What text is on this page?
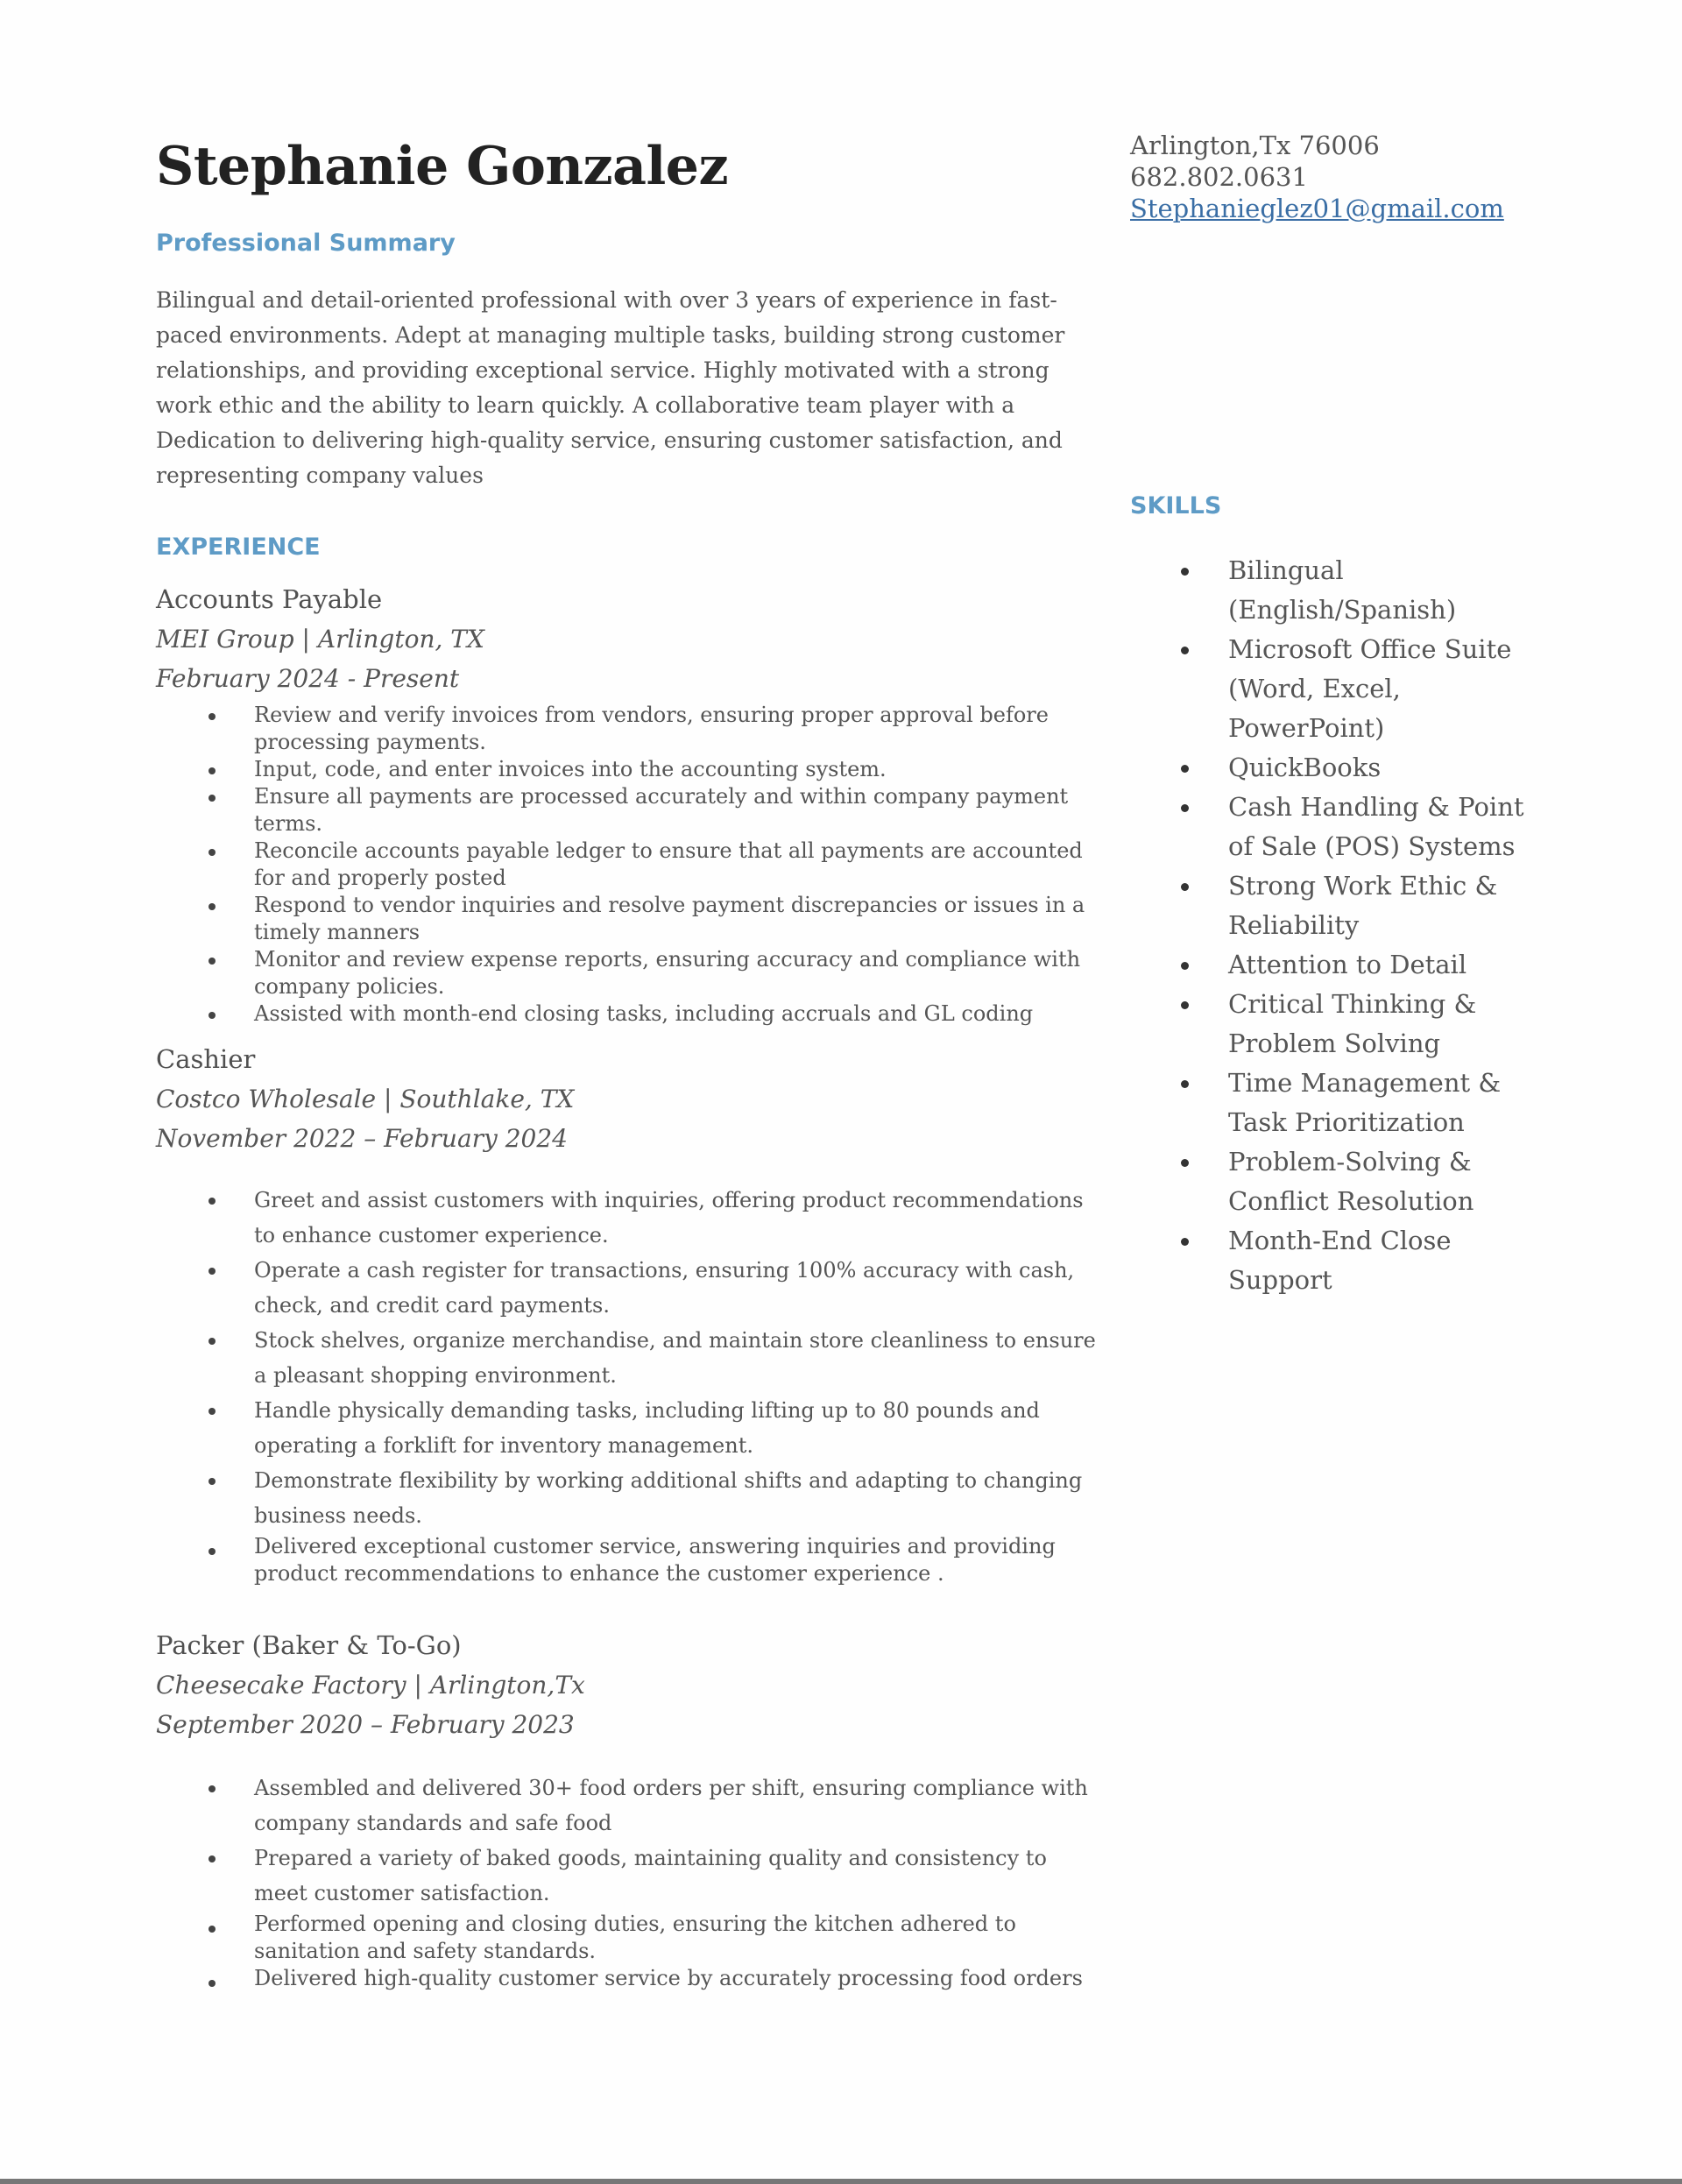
Stephanie Gonzalez
Professional Summary

Bilingual and detail-oriented professional with over 3 years of experience in fast-paced environments. Adept at managing multiple tasks, building strong customer relationships, and providing exceptional service. Highly motivated with a strong work ethic and the ability to learn quickly. A collaborative team player with a Dedication to delivering high-quality service, ensuring customer satisfaction, and representing company values

EXPERIENCE
Accounts Payable
MEI Group | Arlington, TX
February 2024 - Present
Review and verify invoices from vendors, ensuring proper approval before processing payments.
Input, code, and enter invoices into the accounting system.
Ensure all payments are processed accurately and within company payment terms.
Reconcile accounts payable ledger to ensure that all payments are accounted for and properly posted
Respond to vendor inquiries and resolve payment discrepancies or issues in a timely manners
Monitor and review expense reports, ensuring accuracy and compliance with company policies.
Assisted with month-end closing tasks, including accruals and GL coding
Cashier
Costco Wholesale | Southlake, TX
November 2022 – February 2024
Greet and assist customers with inquiries, offering product recommendations to enhance customer experience.
Operate a cash register for transactions, ensuring 100% accuracy with cash, check, and credit card payments.
Stock shelves, organize merchandise, and maintain store cleanliness to ensure a pleasant shopping environment.
Handle physically demanding tasks, including lifting up to 80 pounds and operating a forklift for inventory management.
Demonstrate flexibility by working additional shifts and adapting to changing business needs.
Delivered exceptional customer service, answering inquiries and providing product recommendations to enhance the customer experience .
Packer (Baker & To-Go)
Cheesecake Factory | Arlington,Tx
September 2020 – February 2023
Assembled and delivered 30+ food orders per shift, ensuring compliance with company standards and safe food
Prepared a variety of baked goods, maintaining quality and consistency to meet customer satisfaction.
Performed opening and closing duties, ensuring the kitchen adhered to sanitation and safety standards.
Delivered high-quality customer service by accurately processing food orders
Arlington,Tx 76006
682.802.0631
Stephanieglez01@gmail.com
SKILLS
Bilingual (English/Spanish)
Microsoft Office Suite (Word, Excel, PowerPoint)
QuickBooks
Cash Handling & Point of Sale (POS) Systems
Strong Work Ethic & Reliability
Attention to Detail
Critical Thinking & Problem Solving
Time Management & Task Prioritization
Problem-Solving & Conflict Resolution
Month-End Close Support
